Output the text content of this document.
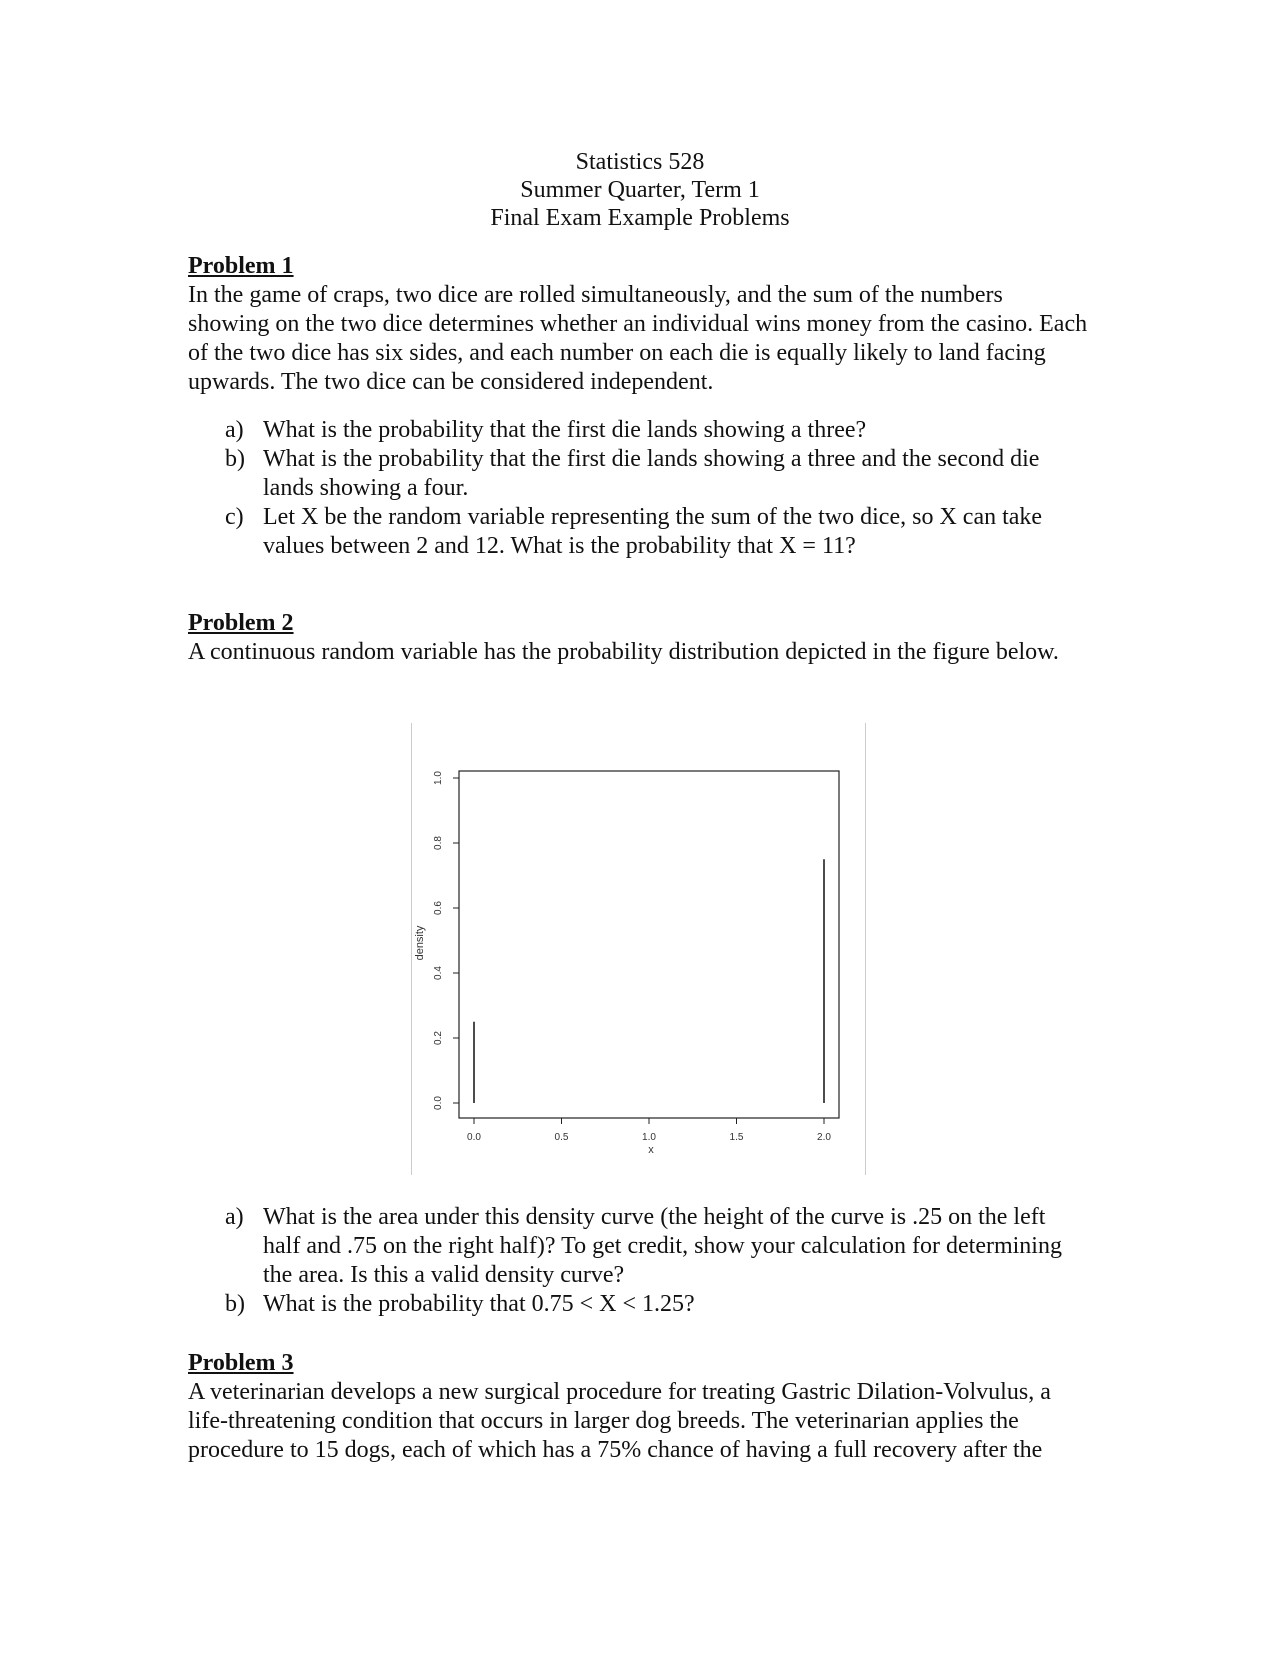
Statistics 528
Summer Quarter, Term 1
Final Exam Example Problems
Problem 1

In the game of craps, two dice are rolled simultaneously, and the sum of the numbers showing on the two dice determines whether an individual wins money from the casino. Each of the two dice has six sides, and each number on each die is equally likely to land facing upwards. The two dice can be considered independent.

a) What is the probability that the first die lands showing a three?
b) What is the probability that the first die lands showing a three and the second die lands showing a four.
c) Let X be the random variable representing the sum of the two dice, so X can take values between 2 and 12. What is the probability that X = 11?
Problem 2

A continuous random variable has the probability distribution depicted in the figure below.

0.0	0.5	1.0	1.5	2.0
0.0
0.2
0.4
0.6
0.8
1.0
x
density
a) What is the area under this density curve (the height of the curve is .25 on the left half and .75 on the right half)? To get credit, show your calculation for determining the area. Is this a valid density curve?
b) What is the probability that 0.75 < X < 1.25?
Problem 3

A veterinarian develops a new surgical procedure for treating Gastric Dilation-Volvulus, a life-threatening condition that occurs in larger dog breeds. The veterinarian applies the procedure to 15 dogs, each of which has a 75% chance of having a full recovery after the
